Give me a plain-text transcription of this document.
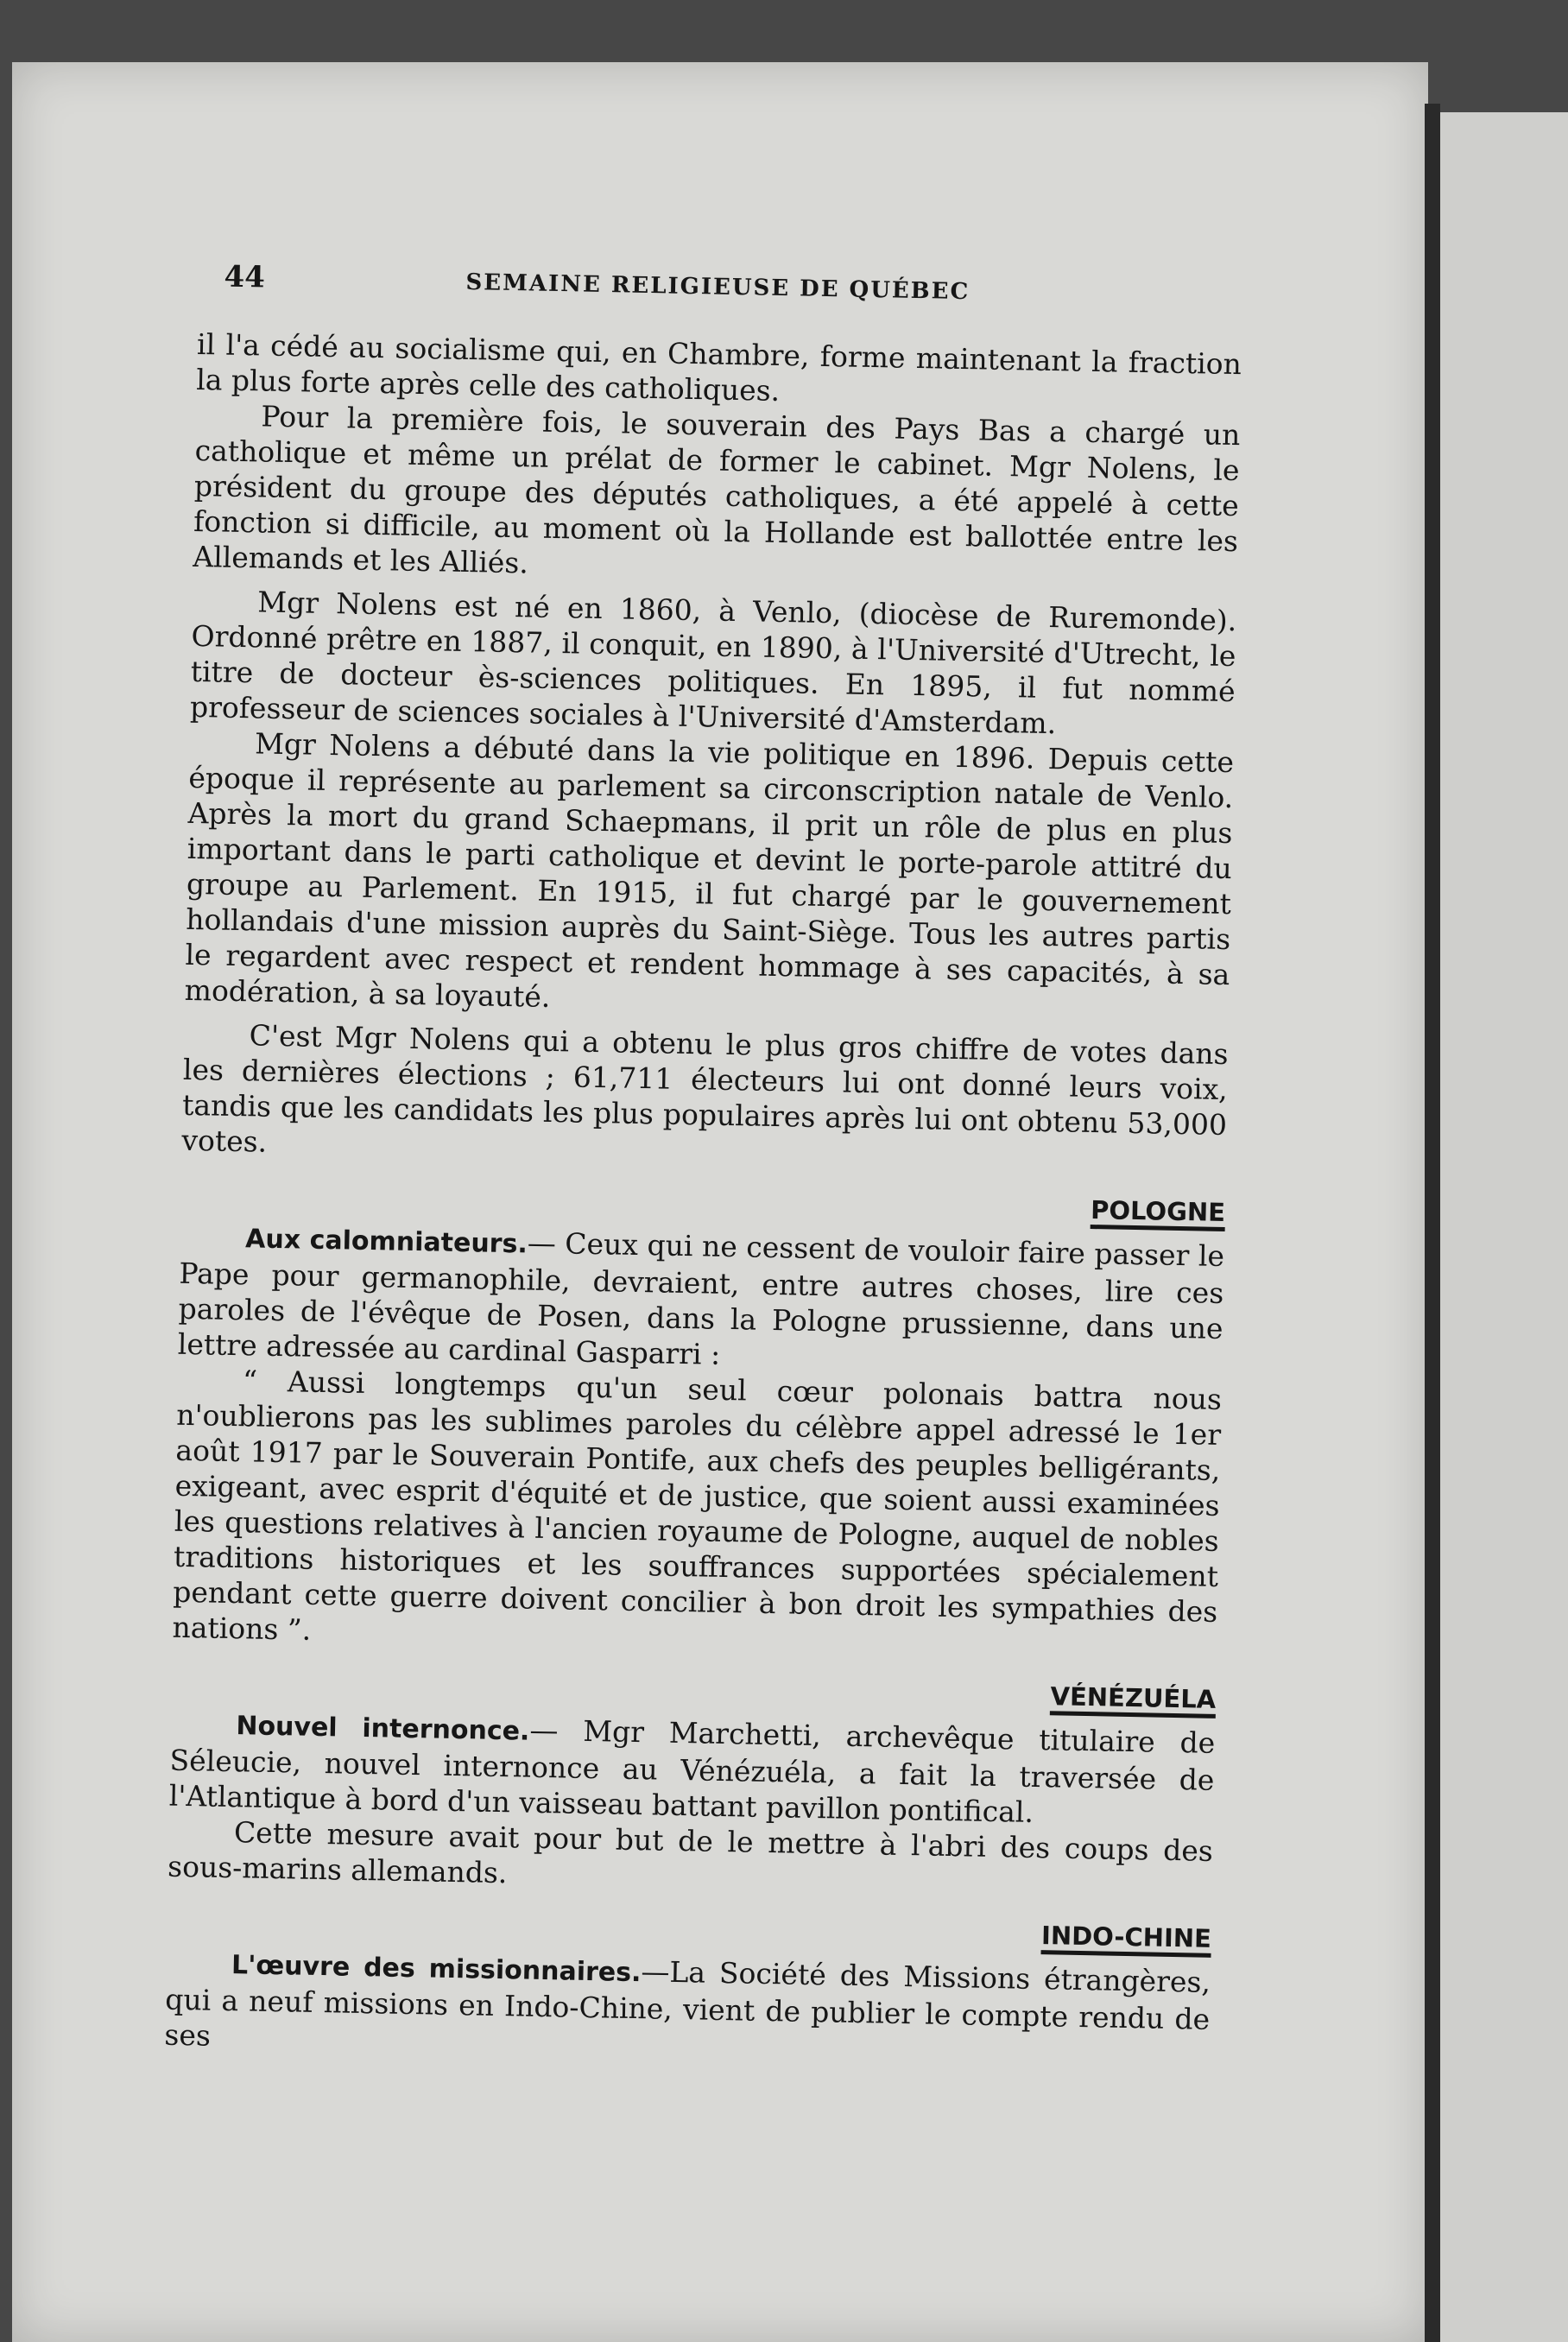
44	SEMAINE RELIGIEUSE DE QUÉBEC

il l'a cédé au socialisme qui, en Chambre, forme maintenant la fraction la plus forte après celle des catholiques.

Pour la première fois, le souverain des Pays Bas a chargé un catholique et même un prélat de former le cabinet. Mgr Nolens, le président du groupe des députés catholiques, a été appelé à cette fonction si difficile, au moment où la Hollande est ballottée entre les Allemands et les Alliés.

Mgr Nolens est né en 1860, à Venlo, (diocèse de Ruremonde). Ordonné prêtre en 1887, il conquit, en 1890, à l'Université d'Utrecht, le titre de docteur ès-sciences politiques. En 1895, il fut nommé professeur de sciences sociales à l'Université d'Amsterdam.

Mgr Nolens a débuté dans la vie politique en 1896. Depuis cette époque il représente au parlement sa circonscription natale de Venlo. Après la mort du grand Schaepmans, il prit un rôle de plus en plus important dans le parti catholique et devint le porte-parole attitré du groupe au Parlement. En 1915, il fut chargé par le gouvernement hollandais d'une mission auprès du Saint-Siège. Tous les autres partis le regardent avec respect et rendent hommage à ses capacités, à sa modération, à sa loyauté.

C'est Mgr Nolens qui a obtenu le plus gros chiffre de votes dans les dernières élections ; 61,711 électeurs lui ont donné leurs voix, tandis que les candidats les plus populaires après lui ont obtenu 53,000 votes.

POLOGNE

Aux calomniateurs.— Ceux qui ne cessent de vouloir faire passer le Pape pour germanophile, devraient, entre autres choses, lire ces paroles de l'évêque de Posen, dans la Pologne prussienne, dans une lettre adressée au cardinal Gasparri :

“ Aussi longtemps qu'un seul cœur polonais battra nous n'oublierons pas les sublimes paroles du célèbre appel adressé le 1er août 1917 par le Souverain Pontife, aux chefs des peuples belligérants, exigeant, avec esprit d'équité et de justice, que soient aussi examinées les questions relatives à l'ancien royaume de Pologne, auquel de nobles traditions historiques et les souffrances supportées spécialement pendant cette guerre doivent concilier à bon droit les sympathies des nations ”.

VÉNÉZUÉLA

Nouvel internonce.— Mgr Marchetti, archevêque titulaire de Séleucie, nouvel internonce au Vénézuéla, a fait la traversée de l'Atlantique à bord d'un vaisseau battant pavillon pontifical.

Cette mesure avait pour but de le mettre à l'abri des coups des sous-marins allemands.

INDO-CHINE

L'œuvre des missionnaires.—La Société des Missions étrangères, qui a neuf missions en Indo-Chine, vient de publier le compte rendu de ses
